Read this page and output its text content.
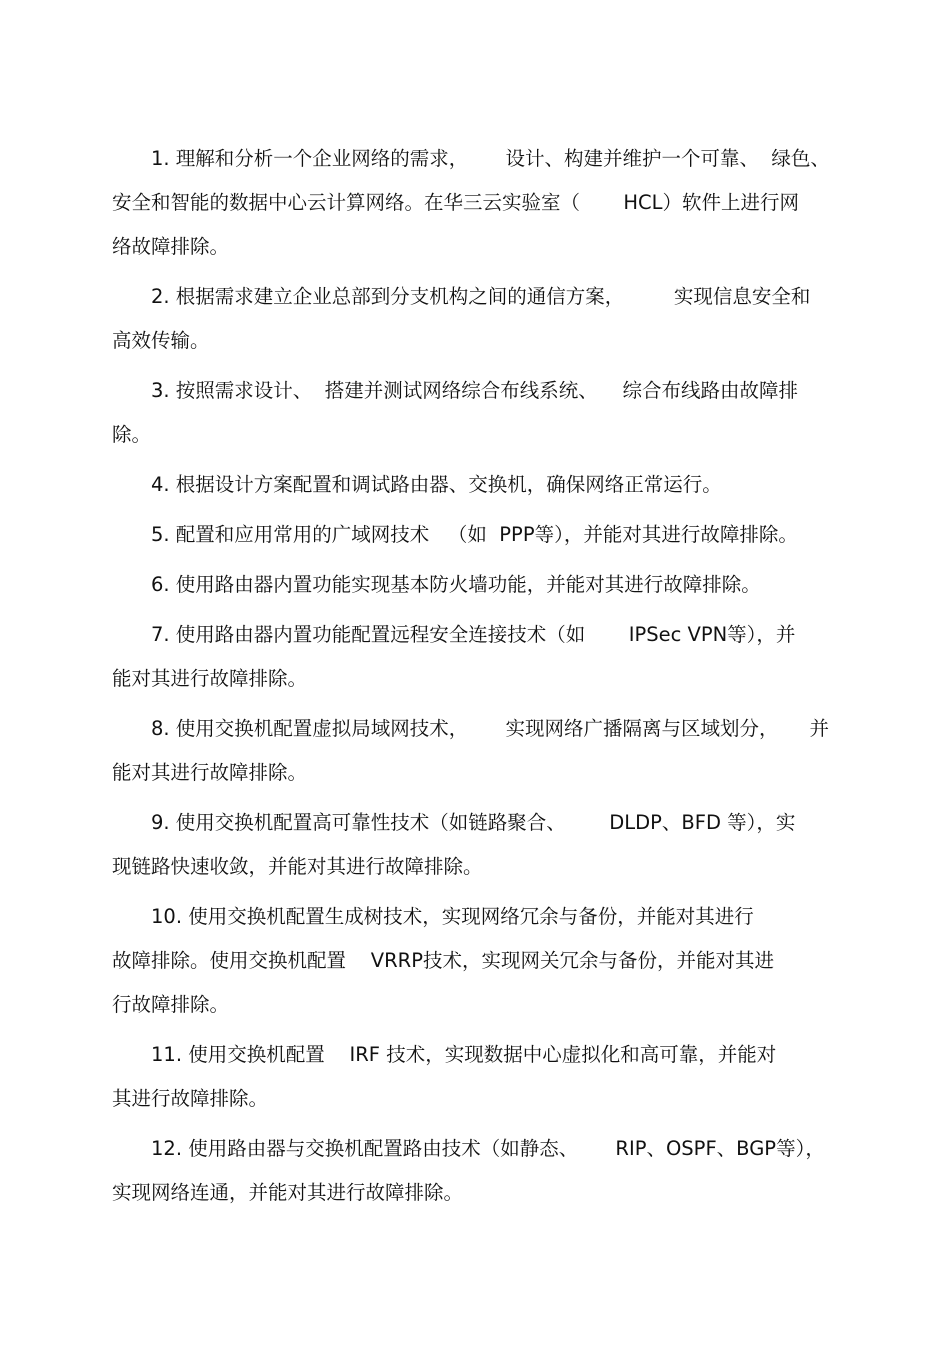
1. 理解和分析一个企业网络的需求，      设计、构建并维护一个可靠、  绿色、
安全和智能的数据中心云计算网络。在华三云实验室（       HCL）软件上进行网
络故障排除。
2. 根据需求建立企业总部到分支机构之间的通信方案，        实现信息安全和
高效传输。
3. 按照需求设计、  搭建并测试网络综合布线系统、    综合布线路由故障排
除。
4. 根据设计方案配置和调试路由器、交换机，确保网络正常运行。
5. 配置和应用常用的广域网技术   （如  PPP等），并能对其进行故障排除。
6. 使用路由器内置功能实现基本防火墙功能，并能对其进行故障排除。
7. 使用路由器内置功能配置远程安全连接技术（如       IPSec VPN等），并
能对其进行故障排除。
8. 使用交换机配置虚拟局域网技术，      实现网络广播隔离与区域划分，     并
能对其进行故障排除。
9. 使用交换机配置高可靠性技术（如链路聚合、       DLDP、BFD 等），实
现链路快速收敛，并能对其进行故障排除。
10. 使用交换机配置生成树技术，实现网络冗余与备份，并能对其进行
故障排除。使用交换机配置    VRRP技术，实现网关冗余与备份，并能对其进
行故障排除。
11. 使用交换机配置    IRF 技术，实现数据中心虚拟化和高可靠，并能对
其进行故障排除。
12. 使用路由器与交换机配置路由技术（如静态、      RIP、OSPF、BGP等），
实现网络连通，并能对其进行故障排除。
